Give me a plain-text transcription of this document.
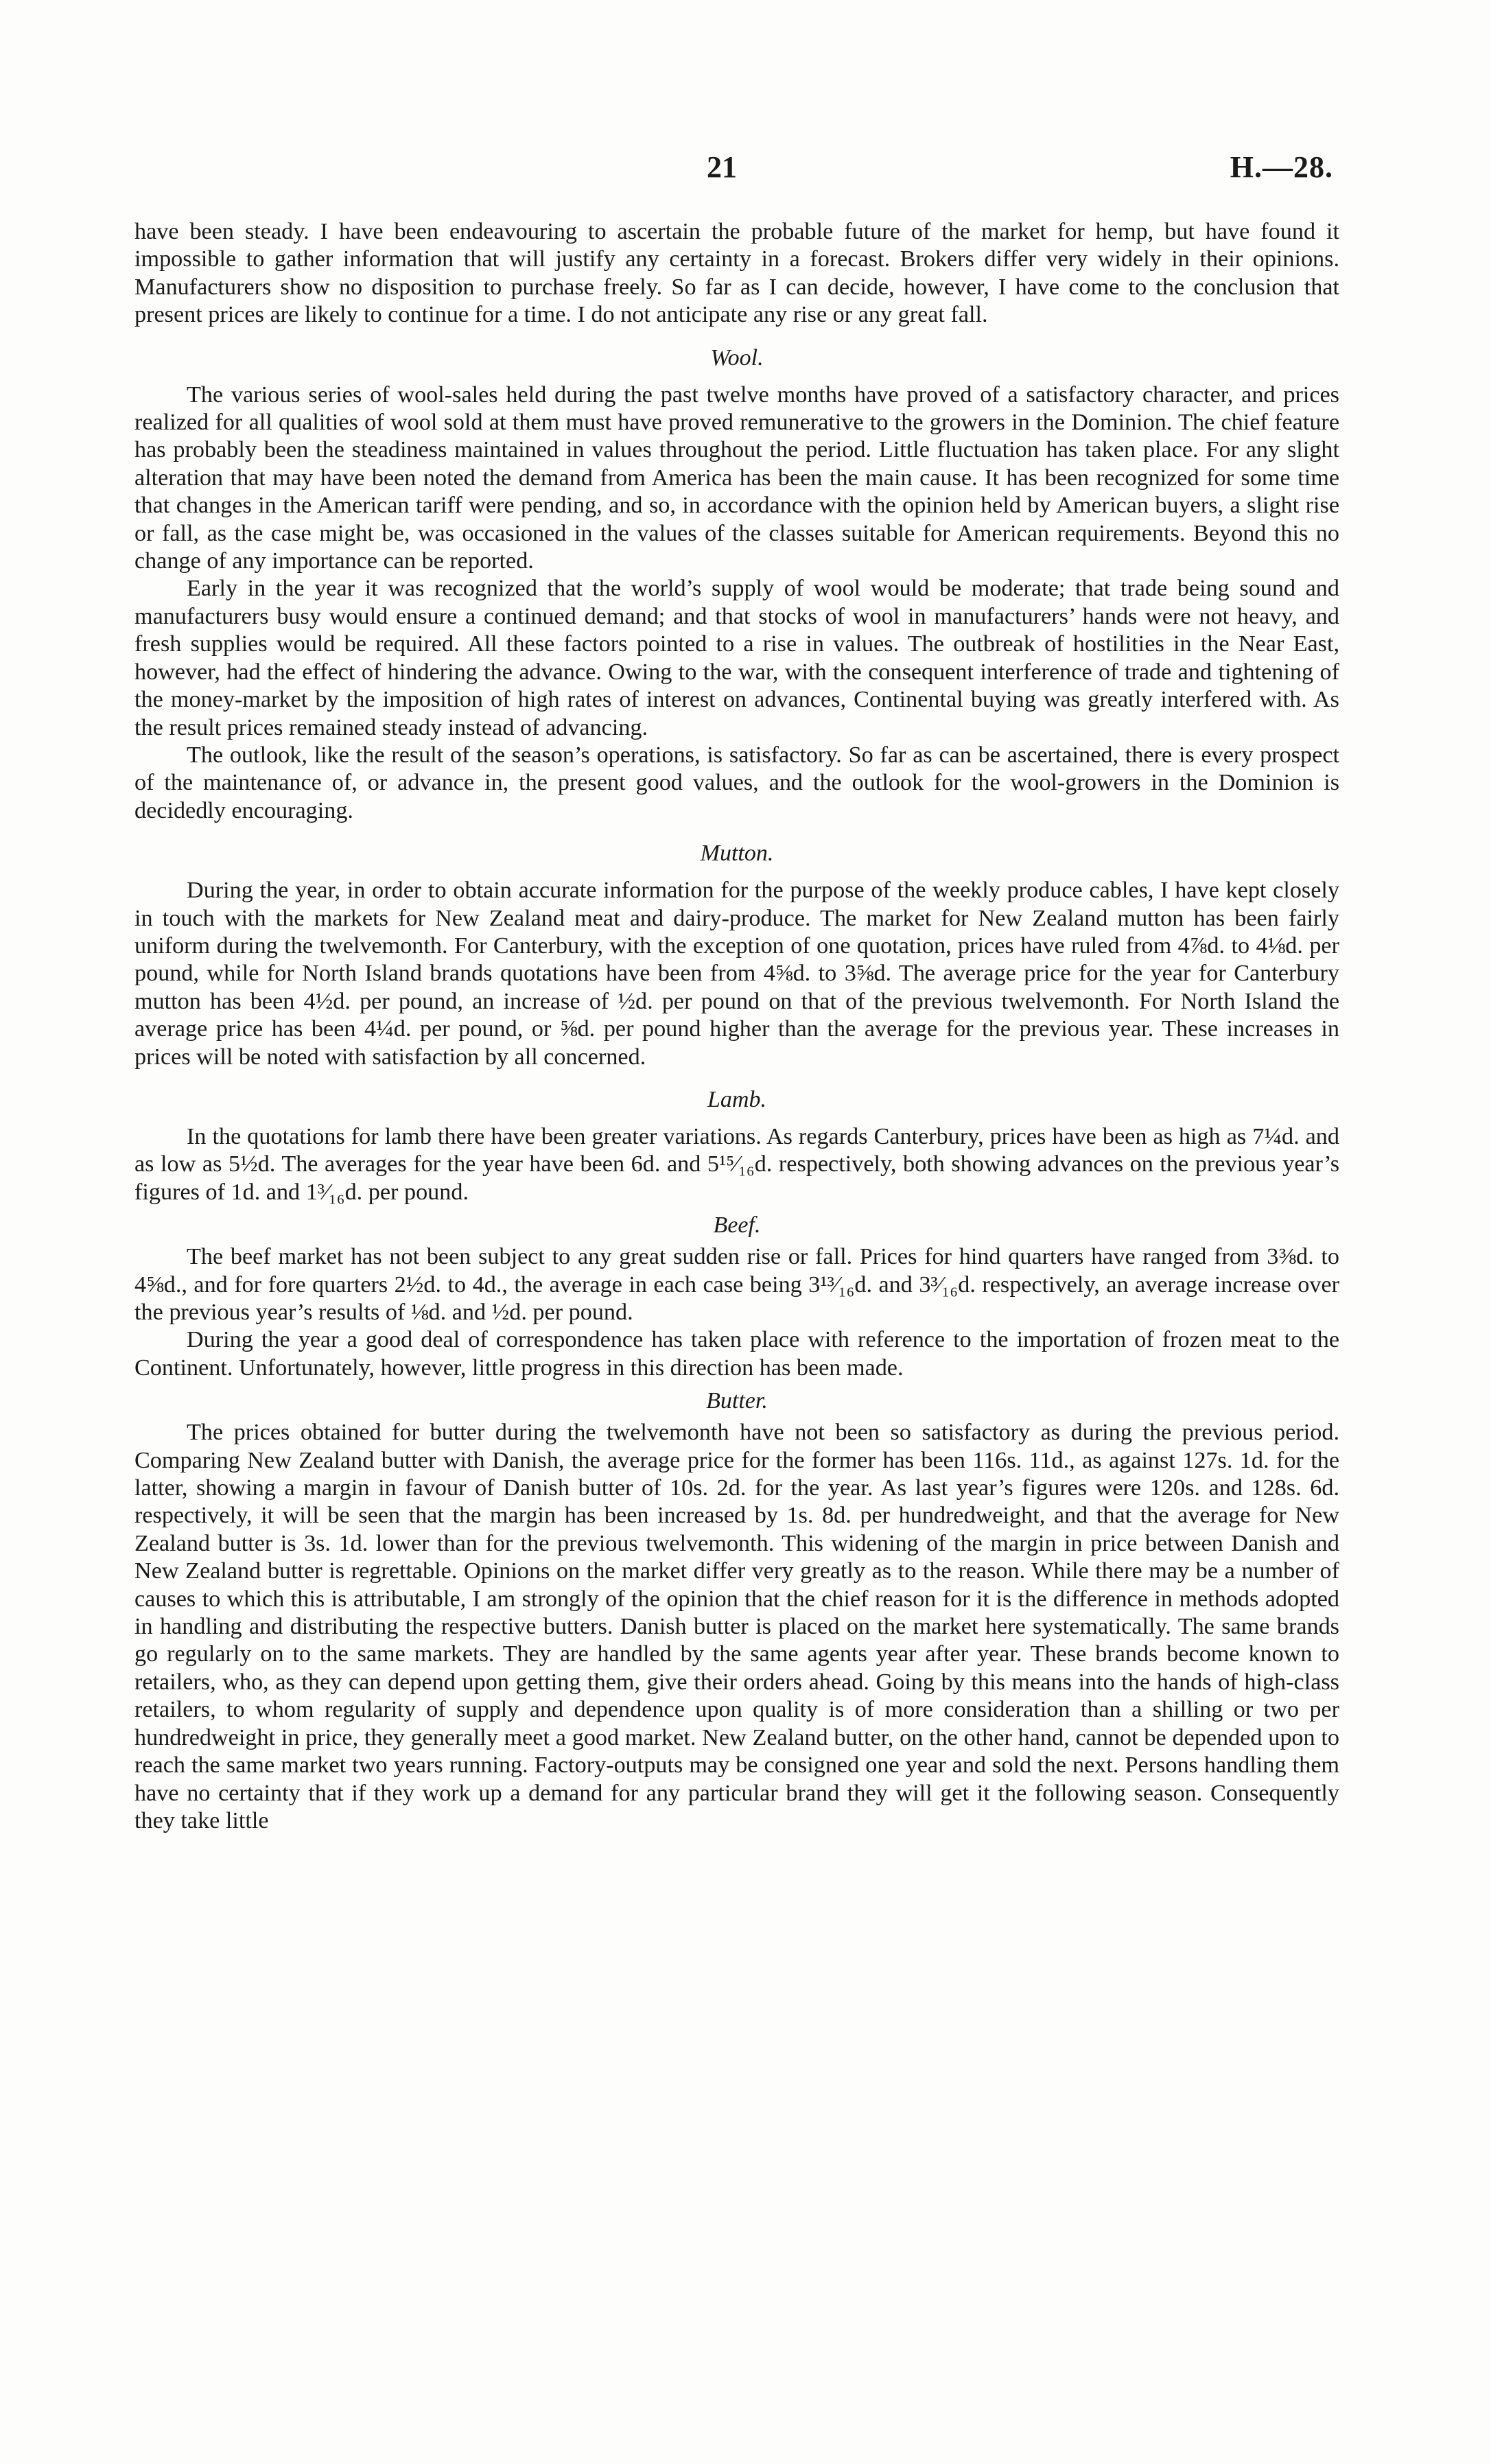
21	H.—28.

have been steady. I have been endeavouring to ascertain the probable future of the market for hemp, but have found it impossible to gather information that will justify any certainty in a forecast. Brokers differ very widely in their opinions. Manufacturers show no disposition to purchase freely. So far as I can decide, however, I have come to the conclusion that present prices are likely to continue for a time. I do not anticipate any rise or any great fall.

Wool.

The various series of wool-sales held during the past twelve months have proved of a satisfactory character, and prices realized for all qualities of wool sold at them must have proved remunerative to the growers in the Dominion. The chief feature has probably been the steadiness maintained in values throughout the period. Little fluctuation has taken place. For any slight alteration that may have been noted the demand from America has been the main cause. It has been recognized for some time that changes in the American tariff were pending, and so, in accordance with the opinion held by American buyers, a slight rise or fall, as the case might be, was occasioned in the values of the classes suitable for American requirements. Beyond this no change of any importance can be reported.

Early in the year it was recognized that the world’s supply of wool would be moderate; that trade being sound and manufacturers busy would ensure a continued demand; and that stocks of wool in manufacturers’ hands were not heavy, and fresh supplies would be required. All these factors pointed to a rise in values. The outbreak of hostilities in the Near East, however, had the effect of hindering the advance. Owing to the war, with the consequent interference of trade and tightening of the money-market by the imposition of high rates of interest on advances, Continental buying was greatly interfered with. As the result prices remained steady instead of advancing.

The outlook, like the result of the season’s operations, is satisfactory. So far as can be ascertained, there is every prospect of the maintenance of, or advance in, the present good values, and the outlook for the wool-growers in the Dominion is decidedly encouraging.

Mutton.

During the year, in order to obtain accurate information for the purpose of the weekly produce cables, I have kept closely in touch with the markets for New Zealand meat and dairy-produce. The market for New Zealand mutton has been fairly uniform during the twelvemonth. For Canterbury, with the exception of one quotation, prices have ruled from 4⅞d. to 4⅛d. per pound, while for North Island brands quotations have been from 4⅝d. to 3⅝d. The average price for the year for Canterbury mutton has been 4½d. per pound, an increase of ½d. per pound on that of the previous twelvemonth. For North Island the average price has been 4¼d. per pound, or ⅝d. per pound higher than the average for the previous year. These increases in prices will be noted with satisfaction by all concerned.

Lamb.

In the quotations for lamb there have been greater variations. As regards Canterbury, prices have been as high as 7¼d. and as low as 5½d. The averages for the year have been 6d. and 5¹⁵⁄₁₆d. respectively, both showing advances on the previous year’s figures of 1d. and 1³⁄₁₆d. per pound.

Beef.

The beef market has not been subject to any great sudden rise or fall. Prices for hind quarters have ranged from 3⅜d. to 4⅝d., and for fore quarters 2½d. to 4d., the average in each case being 3¹³⁄₁₆d. and 3³⁄₁₆d. respectively, an average increase over the previous year’s results of ⅛d. and ½d. per pound.

During the year a good deal of correspondence has taken place with reference to the importation of frozen meat to the Continent. Unfortunately, however, little progress in this direction has been made.

Butter.

The prices obtained for butter during the twelvemonth have not been so satisfactory as during the previous period. Comparing New Zealand butter with Danish, the average price for the former has been 116s. 11d., as against 127s. 1d. for the latter, showing a margin in favour of Danish butter of 10s. 2d. for the year. As last year’s figures were 120s. and 128s. 6d. respectively, it will be seen that the margin has been increased by 1s. 8d. per hundredweight, and that the average for New Zealand butter is 3s. 1d. lower than for the previous twelvemonth. This widening of the margin in price between Danish and New Zealand butter is regrettable. Opinions on the market differ very greatly as to the reason. While there may be a number of causes to which this is attributable, I am strongly of the opinion that the chief reason for it is the difference in methods adopted in handling and distributing the respective butters. Danish butter is placed on the market here systematically. The same brands go regularly on to the same markets. They are handled by the same agents year after year. These brands become known to retailers, who, as they can depend upon getting them, give their orders ahead. Going by this means into the hands of high-class retailers, to whom regularity of supply and dependence upon quality is of more consideration than a shilling or two per hundredweight in price, they generally meet a good market. New Zealand butter, on the other hand, cannot be depended upon to reach the same market two years running. Factory-outputs may be consigned one year and sold the next. Persons handling them have no certainty that if they work up a demand for any particular brand they will get it the following season. Consequently they take little
